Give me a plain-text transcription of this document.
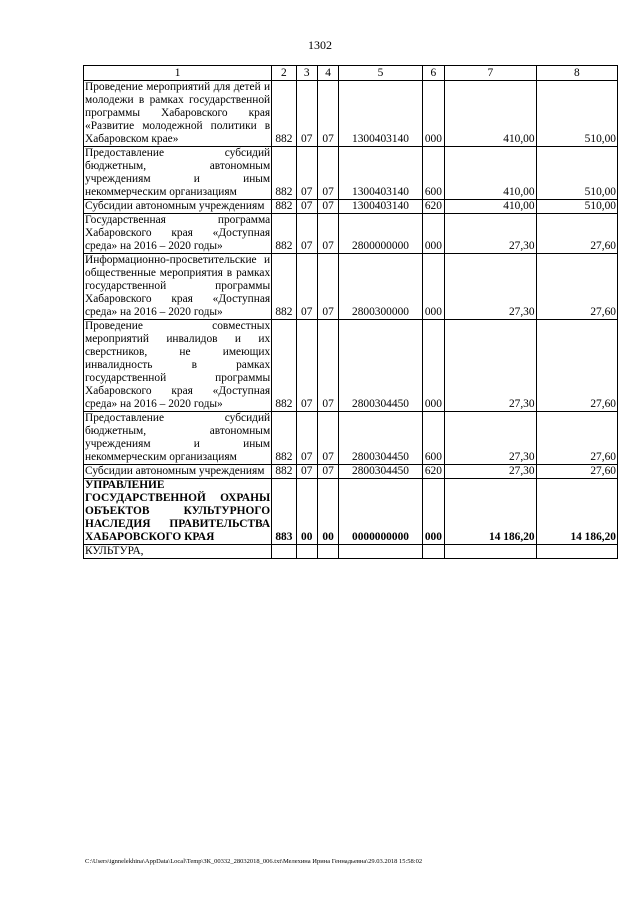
1302
1	2	3	4	5	6	7	8
Проведение мероприятий для детей и молодежи в рамках государственной программы Хабаровского края «Развитие молодежной политики в Хабаровском крае»	882	07	07	1300403140	000	410,00	510,00
Предоставление субсидий бюджетным, автономным учреждениям и иным некоммерческим организациям	882	07	07	1300403140	600	410,00	510,00
Субсидии автономным учреждениям	882	07	07	1300403140	620	410,00	510,00
Государственная программа Хабаровского края «Доступная среда» на 2016 – 2020 годы»	882	07	07	2800000000	000	27,30	27,60
Информационно-просветительские и общественные мероприятия в рамках государственной программы Хабаровского края «Доступная среда» на 2016 – 2020 годы»	882	07	07	2800300000	000	27,30	27,60
Проведение совместных мероприятий инвалидов и их сверстников, не имеющих инвалидность в рамках государственной программы Хабаровского края «Доступная среда» на 2016 – 2020 годы»	882	07	07	2800304450	000	27,30	27,60
Предоставление субсидий бюджетным, автономным учреждениям и иным некоммерческим организациям	882	07	07	2800304450	600	27,30	27,60
Субсидии автономным учреждениям	882	07	07	2800304450	620	27,30	27,60
УПРАВЛЕНИЕ ГОСУДАРСТВЕННОЙ ОХРАНЫ ОБЪЕКТОВ КУЛЬТУРНОГО НАСЛЕДИЯ ПРАВИТЕЛЬСТВА ХАБАРОВСКОГО КРАЯ	883	00	00	0000000000	000	14 186,20	14 186,20
КУЛЬТУРА,							
C:\Users\ignnelekhina\AppData\Local\Temp\ЗК_00332_28032018_006.txt\Мелехина Ирина Геннадьевна\29.03.2018 15:58:02
